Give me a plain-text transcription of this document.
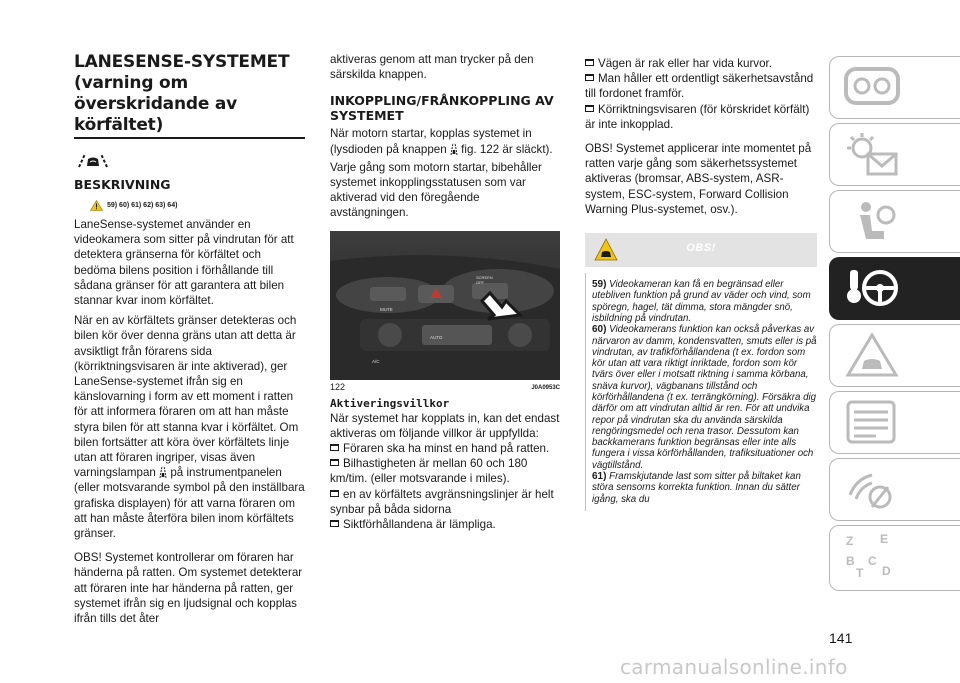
LANESENSE-SYSTEMET (varning om överskridande av körfältet)
BESKRIVNING
59) 60) 61) 62) 63) 64)

LaneSense-systemet använder en videokamera som sitter på vindrutan för att detektera gränserna för körfältet och bedöma bilens position i förhållande till sådana gränser för att garantera att bilen stannar kvar inom körfältet.

När en av körfältets gränser detekteras och bilen kör över denna gräns utan att detta är avsiktligt från förarens sida (körriktningsvisaren är inte aktiverad), ger LaneSense-systemet ifrån sig en känslovarning i form av ett moment i ratten för att informera föraren om att han måste styra bilen för att stanna kvar i körfältet. Om bilen fortsätter att köra över körfältets linje utan att föraren ingriper, visas även varningslampan på instrumentpanelen (eller motsvarande symbol på den inställbara grafiska displayen) för att varna föraren om att han måste återföra bilen inom körfältets gränser.

OBS! Systemet kontrollerar om föraren har händerna på ratten. Om systemet detekterar att föraren inte har händerna på ratten, ger systemet ifrån sig en ljudsignal och kopplas ifrån tills det åter

aktiveras genom att man trycker på den särskilda knappen.

INKOPPLING/FRÅNKOPPLING AV SYSTEMET

När motorn startar, kopplas systemet in (lysdioden på knappen fig. 122 är släckt).

Varje gång som motorn startar, bibehåller systemet inkopplingsstatusen som var aktiverad vid den föregående avstängningen.

MUTE
SCREEN OFF
A/C
AUTO
122	J0A0953C
Aktiveringsvillkor

När systemet har kopplats in, kan det endast aktiveras om följande villkor är uppfyllda:

Föraren ska ha minst en hand på ratten.

Bilhastigheten är mellan 60 och 180 km/tim. (eller motsvarande i miles).

en av körfältets avgränsningslinjer är helt synbar på båda sidorna

Siktförhållandena är lämpliga.

Vägen är rak eller har vida kurvor.

Man håller ett ordentligt säkerhetsavstånd till fordonet framför.

Körriktningsvisaren (för körskridet körfält) är inte inkopplad.

OBS! Systemet applicerar inte momentet på ratten varje gång som säkerhetssystemet aktiveras (bromsar, ABS-system, ASR-system, ESC-system, Forward Collision Warning Plus-systemet, osv.).

OBS!

59) Videokameran kan få en begränsad eller utebliven funktion på grund av väder och vind, som spöregn, hagel, tät dimma, stora mängder snö, isbildning på vindrutan.

60) Videokamerans funktion kan också påverkas av närvaron av damm, kondensvatten, smuts eller is på vindrutan, av trafikförhållandena (t ex. fordon som kör utan att vara riktigt inriktade, fordon som kör tvärs över eller i motsatt riktning i samma körbana, snäva kurvor), vägbanans tillstånd och körförhållandena (t ex. terrängkörning). Försäkra dig därför om att vindrutan alltid är ren. För att undvika repor på vindrutan ska du använda särskilda rengöringsmedel och rena trasor. Dessutom kan backkamerans funktion begränsas eller inte alls fungera i vissa körförhållanden, trafiksituationer och vägtillstånd.

61) Framskjutande last som sitter på biltaket kan störa sensorns korrekta funktion. Innan du sätter igång, ska du

Z E
B C
T D
141
carmanualsonline.info
